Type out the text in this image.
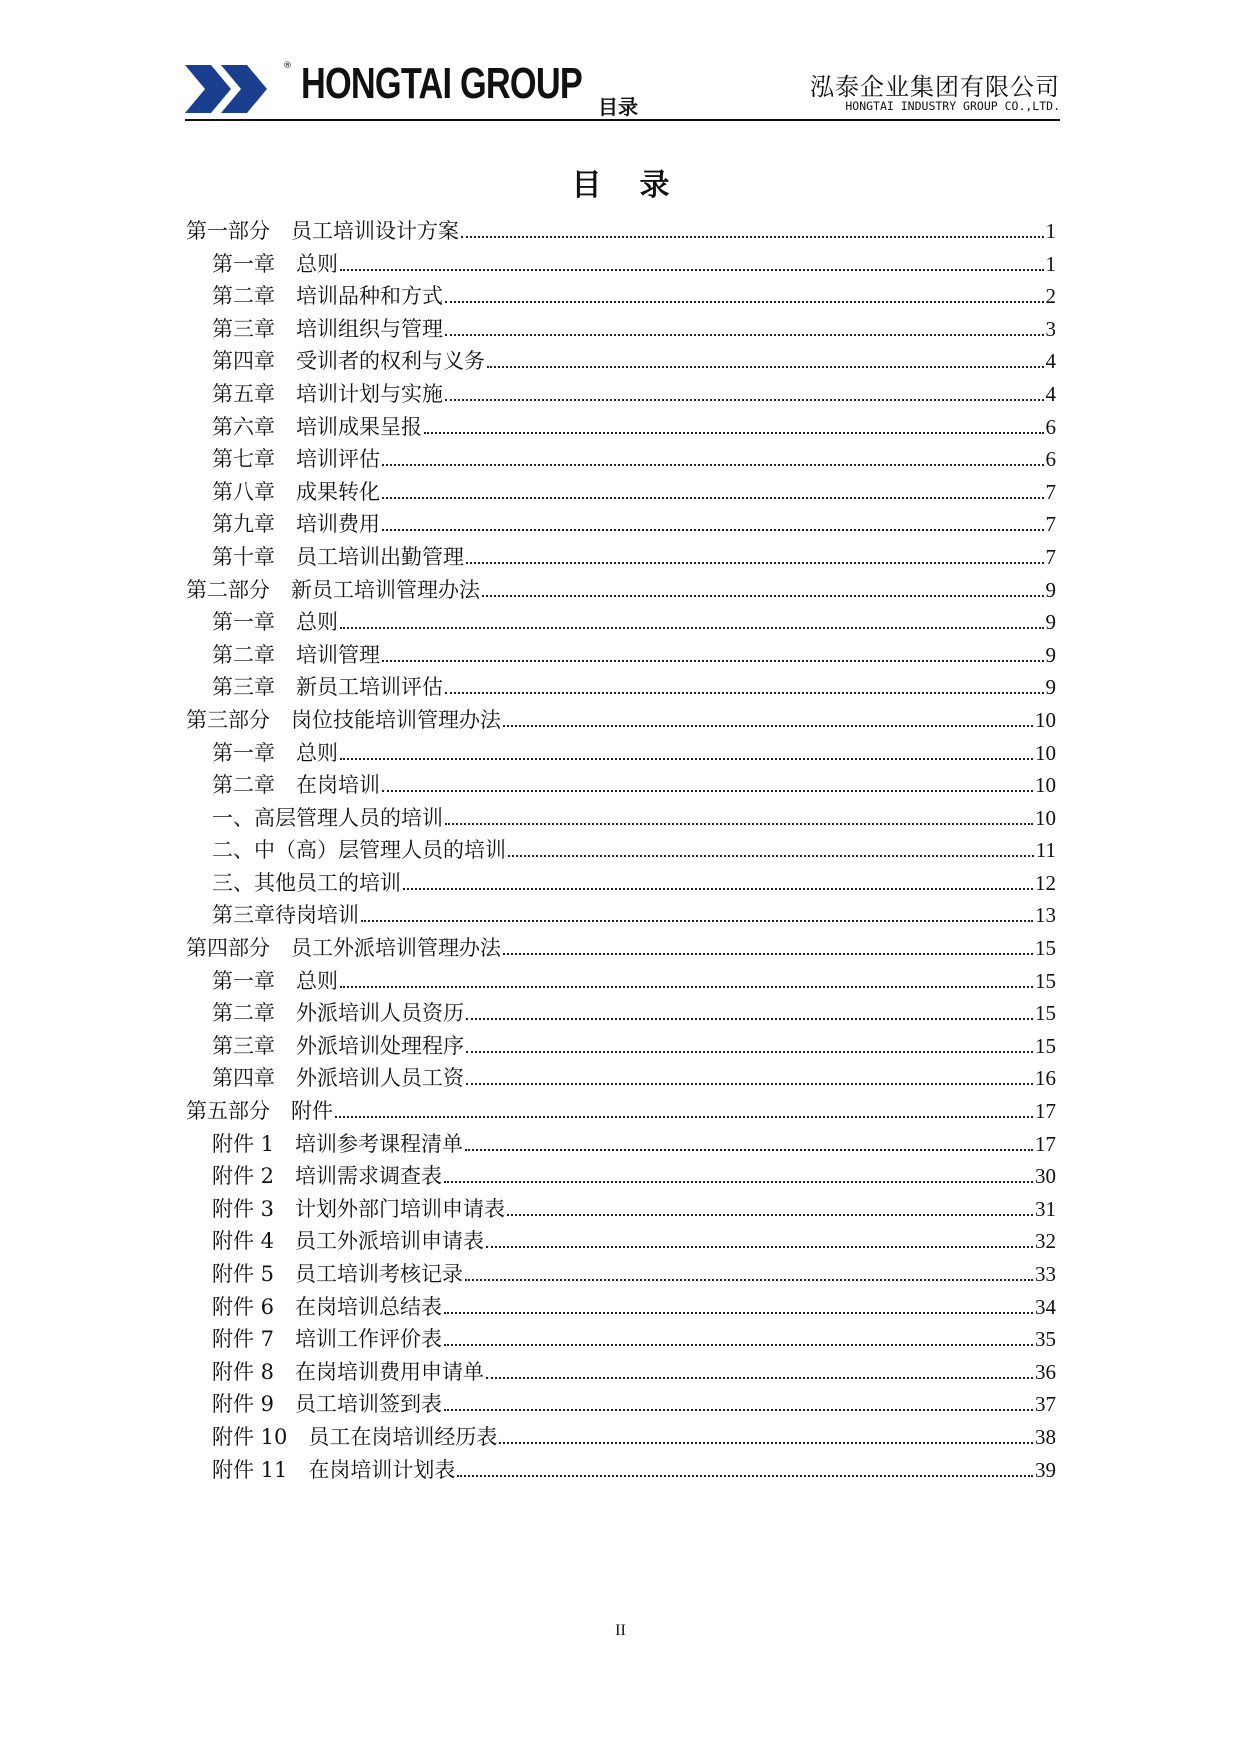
® HONGTAI GROUP 目录
泓泰企业集团有限公司
HONGTAI INDUSTRY GROUP CO.,LTD.
目录
第一部分　员工培训设计方案	1
第一章　总则	1
第二章　培训品种和方式	2
第三章　培训组织与管理	3
第四章　受训者的权利与义务	4
第五章　培训计划与实施	4
第六章　培训成果呈报	6
第七章　培训评估	6
第八章　成果转化	7
第九章　培训费用	7
第十章　员工培训出勤管理	7
第二部分　新员工培训管理办法	9
第一章　总则	9
第二章　培训管理	9
第三章　新员工培训评估	9
第三部分　岗位技能培训管理办法	10
第一章　总则	10
第二章　在岗培训	10
一、高层管理人员的培训	10
二、中（高）层管理人员的培训	11
三、其他员工的培训	12
第三章待岗培训	13
第四部分　员工外派培训管理办法	15
第一章　总则	15
第二章　外派培训人员资历	15
第三章　外派培训处理程序	15
第四章　外派培训人员工资	16
第五部分　附件	17
附件 1　培训参考课程清单	17
附件 2　培训需求调查表	30
附件 3　计划外部门培训申请表	31
附件 4　员工外派培训申请表	32
附件 5　员工培训考核记录	33
附件 6　在岗培训总结表	34
附件 7　培训工作评价表	35
附件 8　在岗培训费用申请单	36
附件 9　员工培训签到表	37
附件 10　员工在岗培训经历表	38
附件 11　在岗培训计划表	39
II
